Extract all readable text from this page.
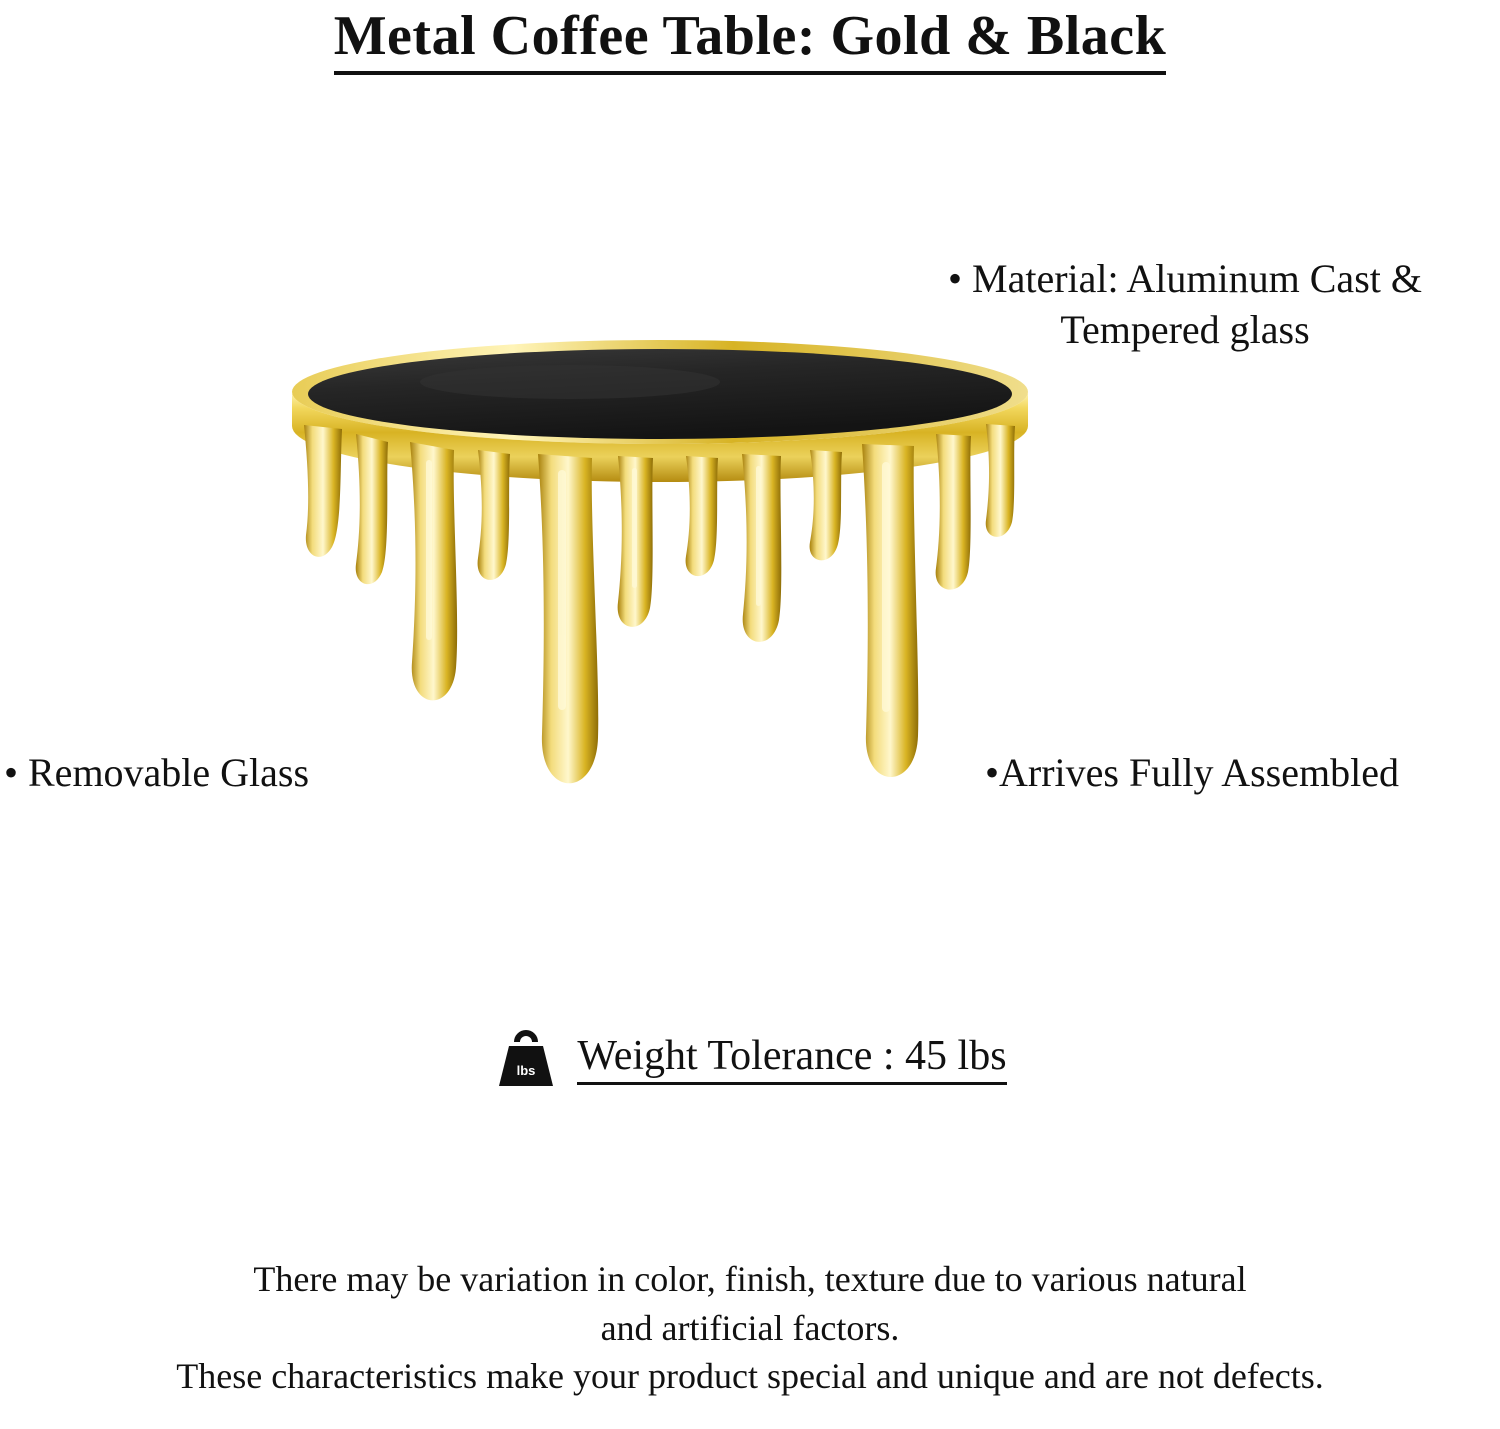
Metal Coffee Table: Gold & Black
• Material: Aluminum Cast & Tempered glass
• Removable Glass	•Arrives Fully Assembled
lbs Weight Tolerance : 45 lbs

There may be variation in color, finish, texture due to various natural

and artificial factors.

These characteristics make your product special and unique and are not defects.
